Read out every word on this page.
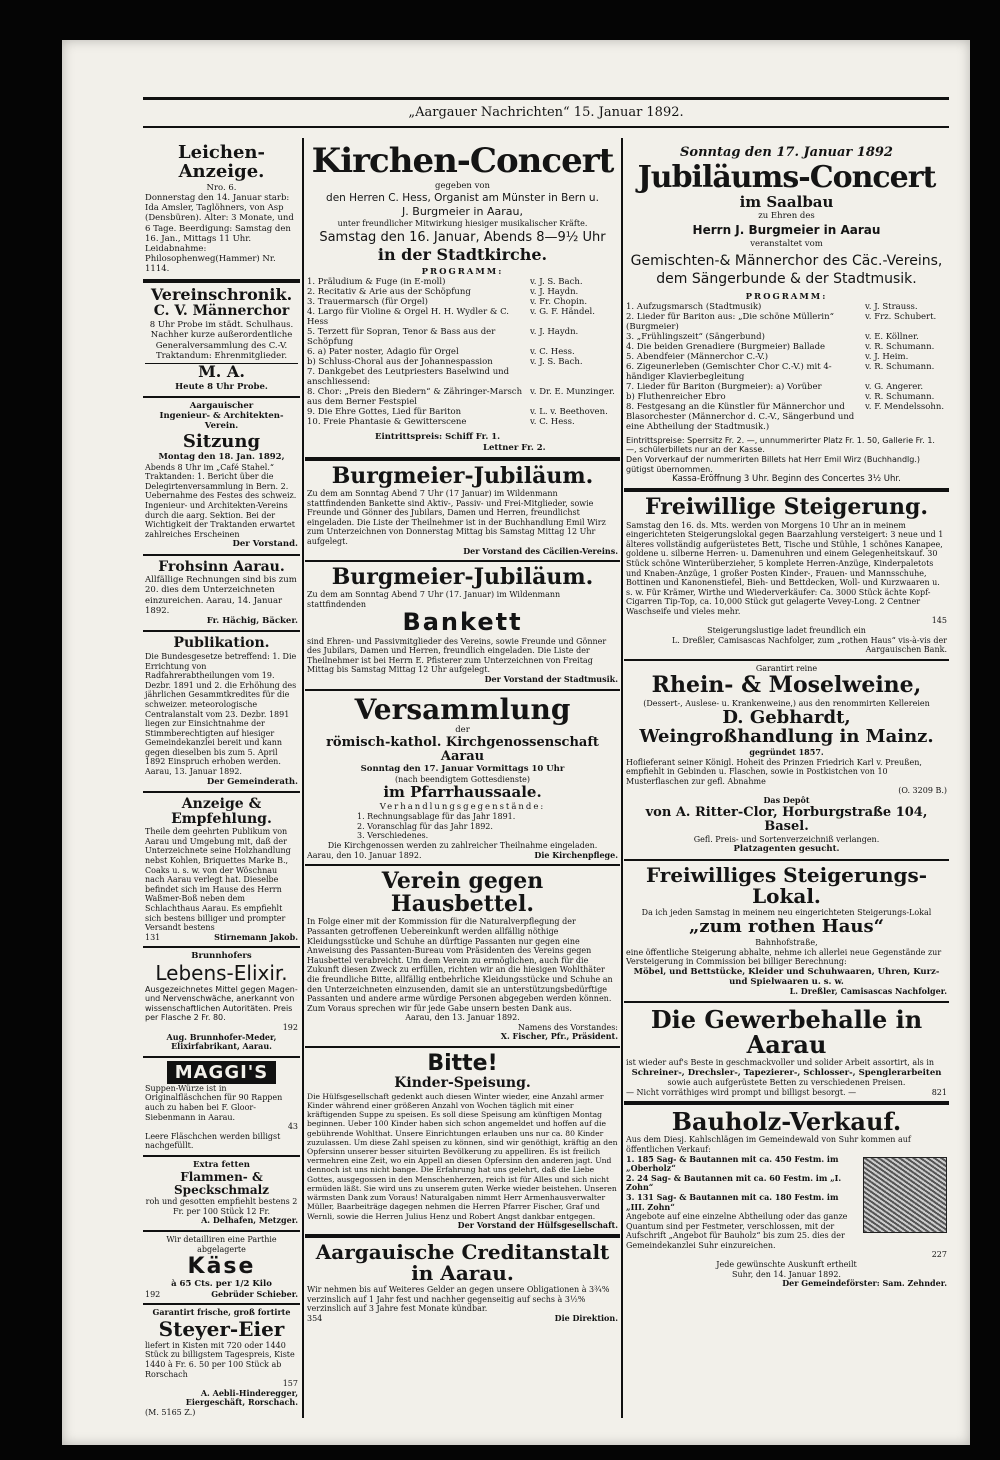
„Aargauer Nachrichten“ 15. Januar 1892.
Leichen-Anzeige.

Nro. 6.

Donnerstag den 14. Januar starb: Ida Amsler, Taglöhners, von Asp (Densbüren). Alter: 3 Monate, und 6 Tage. Beerdigung: Samstag den 16. Jan., Mittags 11 Uhr. Leidabnahme: Philosophenweg(Hammer) Nr. 1114.

Vereinschronik.
C. V. Männerchor

8 Uhr Probe im städt. Schulhaus.

Nachher kurze außerordentliche Generalversammlung des C.-V. Traktandum: Ehrenmitglieder.

M. A.

Heute 8 Uhr Probe.

Aargauischer

Ingenieur- & Architekten-Verein.

Sitzung

Montag den 18. Jan. 1892,

Abends 8 Uhr im „Café Stahel.“ Traktanden: 1. Bericht über die Delegirtenversammlung in Bern. 2. Uebernahme des Festes des schweiz. Ingenieur- und Architekten-Vereins durch die aarg. Sektion. Bei der Wichtigkeit der Traktanden erwartet zahlreiches Erscheinen

Der Vorstand.

Frohsinn Aarau.

Allfällige Rechnungen sind bis zum 20. dies dem Unterzeichneten einzureichen. Aarau, 14. Januar 1892.

Fr. Hächig, Bäcker.

Publikation.

Die Bundesgesetze betreffend: 1. Die Errichtung von Radfahrerabtheilungen vom 19. Dezbr. 1891 und 2. die Erhöhung des jährlichen Gesammtkredites für die schweizer. meteorologische Centralanstalt vom 23. Dezbr. 1891 liegen zur Einsichtnahme der Stimmberechtigten auf hiesiger Gemeindekanzlei bereit und kann gegen dieselben bis zum 5. April 1892 Einspruch erhoben werden. Aarau, 13. Januar 1892.

Der Gemeinderath.

Anzeige & Empfehlung.

Theile dem geehrten Publikum von Aarau und Umgebung mit, daß der Unterzeichnete seine Holzhandlung nebst Kohlen, Briquettes Marke B., Coaks u. s. w. von der Wöschnau nach Aarau verlegt hat. Dieselbe befindet sich im Hause des Herrn Waßmer-Boß neben dem Schlachthaus Aarau. Es empfiehlt sich bestens billiger und prompter Versandt bestens

131	Stirnemann Jakob.

Brunnhofers

Lebens-Elixir.

Ausgezeichnetes Mittel gegen Magen- und Nervenschwäche, anerkannt von wissenschaftlichen Autoritäten. Preis per Flasche 2 Fr. 80.

192

Aug. Brunnhofer-Meder, Elixirfabrikant, Aarau.

MAGGI'S

Suppen-Würze ist in Originalfläschchen für 90 Rappen auch zu haben bei F. Gloor-Siebenmann in Aarau.

43

Leere Fläschchen werden billigst nachgefüllt.

Extra fetten

Flammen- & Speckschmalz

roh und gesotten empfiehlt bestens 2 Fr. per 100 Stück 12 Fr.

A. Delhafen, Metzger.

Wir detailliren eine Parthie abgelagerte

Käse

à 65 Cts. per 1/2 Kilo

192	Gebrüder Schieber.

Garantirt frische, groß fortirte

Steyer-Eier

liefert in Kisten mit 720 oder 1440 Stück zu billigstem Tagespreis, Kiste 1440 à Fr. 6. 50 per 100 Stück ab Rorschach

157

A. Aebli-Hinderegger, Eiergeschäft, Rorschach.

(M. 5165 Z.)

Kirchen-Concert

gegeben von

den Herren C. Hess, Organist am Münster in Bern u.

J. Burgmeier in Aarau,

unter freundlicher Mitwirkung hiesiger musikalischer Kräfte.

Samstag den 16. Januar, Abends 8—9½ Uhr

in der Stadtkirche.

PROGRAMM:

1. Präludium & Fuge (in E-moll)	v. J. S. Bach.
2. Recitativ & Arie aus der Schöpfung	v. J. Haydn.
3. Trauermarsch (für Orgel)	v. Fr. Chopin.
4. Largo für Violine & Orgel H. H. Wydler & C. Hess
v. G. F. Händel.
5. Terzett für Sopran, Tenor & Bass aus der Schöpfung
v. J. Haydn.
6. a) Pater noster, Adagio für Orgel	v. C. Hess.
b) Schluss-Choral aus der Johannespassion	v. J. S. Bach.
7. Dankgebet des Leutpriesters Baselwind und anschliessend:
8. Chor: „Preis den Biedern“ & Zähringer-Marsch aus dem Berner Festspiel
v. Dr. E. Munzinger.
9. Die Ehre Gottes, Lied für Bariton	v. L. v. Beethoven.
10. Freie Phantasie & Gewitterscene	v. C. Hess.

Eintrittspreis: Schiff Fr. 1.

Lettner Fr. 2.

Burgmeier-Jubiläum.

Zu dem am Sonntag Abend 7 Uhr (17 Januar) im Wildenmann stattfindenden Bankette sind Aktiv-, Passiv- und Frei-Mitglieder, sowie Freunde und Gönner des Jubilars, Damen und Herren, freundlichst eingeladen. Die Liste der Theilnehmer ist in der Buchhandlung Emil Wirz zum Unterzeichnen von Donnerstag Mittag bis Samstag Mittag 12 Uhr aufgelegt.

Der Vorstand des Cäcilien-Vereins.

Burgmeier-Jubiläum.

Zu dem am Sonntag Abend 7 Uhr (17. Januar) im Wildenmann stattfindenden

Bankett

sind Ehren- und Passivmitglieder des Vereins, sowie Freunde und Gönner des Jubilars, Damen und Herren, freundlich eingeladen. Die Liste der Theilnehmer ist bei Herrn E. Pfisterer zum Unterzeichnen von Freitag Mittag bis Samstag Mittag 12 Uhr aufgelegt.

Der Vorstand der Stadtmusik.

Versammlung

der

römisch-kathol. Kirchgenossenschaft Aarau

Sonntag den 17. Januar Vormittags 10 Uhr

(nach beendigtem Gottesdienste)

im Pfarrhaussaale.

Verhandlungsgegenstände:

1. Rechnungsablage für das Jahr 1891.

2. Voranschlag für das Jahr 1892.

3. Verschiedenes.

Die Kirchgenossen werden zu zahlreicher Theilnahme eingeladen.

Aarau, den 10. Januar 1892.	Die Kirchenpflege.
Verein gegen Hausbettel.

In Folge einer mit der Kommission für die Naturalverpflegung der Passanten getroffenen Uebereinkunft werden allfällig nöthige Kleidungsstücke und Schuhe an dürftige Passanten nur gegen eine Anweisung des Passanten-Bureau vom Präsidenten des Vereins gegen Hausbettel verabreicht. Um dem Verein zu ermöglichen, auch für die Zukunft diesen Zweck zu erfüllen, richten wir an die hiesigen Wohlthäter die freundliche Bitte, allfällig entbehrliche Kleidungsstücke und Schuhe an den Unterzeichneten einzusenden, damit sie an unterstützungsbedürftige Passanten und andere arme würdige Personen abgegeben werden können. Zum Voraus sprechen wir für jede Gabe unsern besten Dank aus.

Aarau, den 13. Januar 1892.

Namens des Vorstandes:

X. Fischer, Pfr., Präsident.

Bitte!
Kinder-Speisung.

Die Hülfsgesellschaft gedenkt auch diesen Winter wieder, eine Anzahl armer Kinder während einer größeren Anzahl von Wochen täglich mit einer kräftigenden Suppe zu speisen. Es soll diese Speisung am künftigen Montag beginnen. Ueber 100 Kinder haben sich schon angemeldet und hoffen auf die gebührende Wohlthat. Unsere Einrichtungen erlauben uns nur ca. 80 Kinder zuzulassen. Um diese Zahl speisen zu können, sind wir genöthigt, kräftig an den Opfersinn unserer besser situirten Bevölkerung zu appelliren. Es ist freilich vermehren eine Zeit, wo ein Appell an diesen Opfersinn den anderen jagt. Und dennoch ist uns nicht bange. Die Erfahrung hat uns gelehrt, daß die Liebe Gottes, ausgegossen in den Menschenherzen, reich ist für Alles und sich nicht ermüden läßt. Sie wird uns zu unserem guten Werke wieder beistehen. Unseren wärmsten Dank zum Voraus! Naturalgaben nimmt Herr Armenhausverwalter Müller, Baarbeiträge dagegen nehmen die Herren Pfarrer Fischer, Graf und Wernli, sowie die Herren Julius Henz und Robert Angst dankbar entgegen.

Der Vorstand der Hülfsgesellschaft.

Aargauische Creditanstalt in Aarau.

Wir nehmen bis auf Weiteres Gelder an gegen unsere Obligationen à 3¾% verzinslich auf 1 Jahr fest und nachher gegenseitig auf sechs à 3½% verzinslich auf 3 Jahre fest Monate kündbar.

354	Die Direktion.

Sonntag den 17. Januar 1892

Jubiläums-Concert
im Saalbau

zu Ehren des

Herrn J. Burgmeier in Aarau

veranstaltet vom

Gemischten-& Männerchor des Cäc.-Vereins, dem Sängerbunde & der Stadtmusik.

PROGRAMM:

1. Aufzugsmarsch (Stadtmusik)	v. J. Strauss.
2. Lieder für Bariton aus: „Die schöne Müllerin“ (Burgmeier)
v. Frz. Schubert.
3. „Frühlingszeit“ (Sängerbund)	v. E. Köllner.
4. Die beiden Grenadiere (Burgmeier) Ballade	v. R. Schumann.
5. Abendfeier (Männerchor C.-V.)	v. J. Heim.
6. Zigeunerleben (Gemischter Chor C.-V.) mit 4-händiger Klavierbegleitung
v. R. Schumann.
7. Lieder für Bariton (Burgmeier): a) Vorüber	v. G. Angerer.
b) Fluthenreicher Ebro	v. R. Schumann.
8. Festgesang an die Künstler für Männerchor und Blasorchester (Männerchor d. C.-V., Sängerbund und eine Abtheilung der Stadtmusik.)
v. F. Mendelssohn.

Eintrittspreise: Sperrsitz Fr. 2. —, unnummerirter Platz Fr. 1. 50, Gallerie Fr. 1. —, schülerbillets nur an der Kasse.

Den Vorverkauf der nummerirten Billets hat Herr Emil Wirz (Buchhandlg.) gütigst übernommen.

Kassa-Eröffnung 3 Uhr. Beginn des Concertes 3½ Uhr.

Freiwillige Steigerung.

Samstag den 16. ds. Mts. werden von Morgens 10 Uhr an in meinem eingerichteten Steigerungslokal gegen Baarzahlung versteigert: 3 neue und 1 älteres vollständig aufgerüstetes Bett, Tische und Stühle, 1 schönes Kanapee, goldene u. silberne Herren- u. Damenuhren und einem Gelegenheitskauf. 30 Stück schöne Winterüberzieher, 5 komplete Herren-Anzüge, Kinderpaletots und Knaben-Anzüge, 1 großer Posten Kinder-, Frauen- und Mannsschuhe, Bottinen und Kanonenstiefel, Bieh- und Bettdecken, Woll- und Kurzwaaren u. s. w. Für Krämer, Wirthe und Wiederverkäufer: Ca. 3000 Stück ächte Kopf-Cigarren Tip-Top, ca. 10,000 Stück gut gelagerte Vevey-Long. 2 Centner Waschseife und vieles mehr.

145

Steigerungslustige ladet freundlich ein

L. Dreßler, Camisascas Nachfolger, zum „rothen Haus“ vis-à-vis der Aargauischen Bank.

Garantirt reine

Rhein- & Moselweine,

(Dessert-, Auslese- u. Krankenweine,) aus den renommirten Kellereien

D. Gebhardt, Weingroßhandlung in Mainz.

gegründet 1857.

Hoflieferant seiner Königl. Hoheit des Prinzen Friedrich Karl v. Preußen, empfiehlt in Gebinden u. Flaschen, sowie in Postkistchen von 10 Musterflaschen zur gefl. Abnahme

(O. 3209 B.)

Das Depôt

von A. Ritter-Clor, Horburgstraße 104, Basel.

Gefl. Preis- und Sortenverzeichniß verlangen.

Platzagenten gesucht.

Freiwilliges Steigerungs-Lokal.

Da ich jeden Samstag in meinem neu eingerichteten Steigerungs-Lokal

„zum rothen Haus“

Bahnhofstraße,

eine öffentliche Steigerung abhalte, nehme ich allerlei neue Gegenstände zur Versteigerung in Commission bei billiger Berechnung:

Möbel, und Bettstücke, Kleider und Schuhwaaren, Uhren, Kurz- und Spielwaaren u. s. w.

L. Dreßler, Camisascas Nachfolger.

Die Gewerbehalle in Aarau

ist wieder auf's Beste in geschmackvoller und solider Arbeit assortirt, als in

Schreiner-, Drechsler-, Tapezierer-, Schlosser-, Spenglerarbeiten

sowie auch aufgerüstete Betten zu verschiedenen Preisen.

— Nicht vorräthiges wird prompt und billigst besorgt. —	821
Bauholz-Verkauf.

Aus dem Diesj. Kahlschlägen im Gemeindewald von Suhr kommen auf öffentlichen Verkauf:

1. 185 Sag- & Bautannen mit ca. 450 Festm. im „Oberholz“

2. 24 Sag- & Bautannen mit ca. 60 Festm. im „I. Zohn“

3. 131 Sag- & Bautannen mit ca. 180 Festm. im „III. Zohn“

Angebote auf eine einzelne Abtheilung oder das ganze Quantum sind per Festmeter, verschlossen, mit der Aufschrift „Angebot für Bauholz“ bis zum 25. dies der Gemeindekanzlei Suhr einzureichen.

227

Jede gewünschte Auskunft ertheilt

Suhr, den 14. Januar 1892.

Der Gemeindeförster: Sam. Zehnder.
